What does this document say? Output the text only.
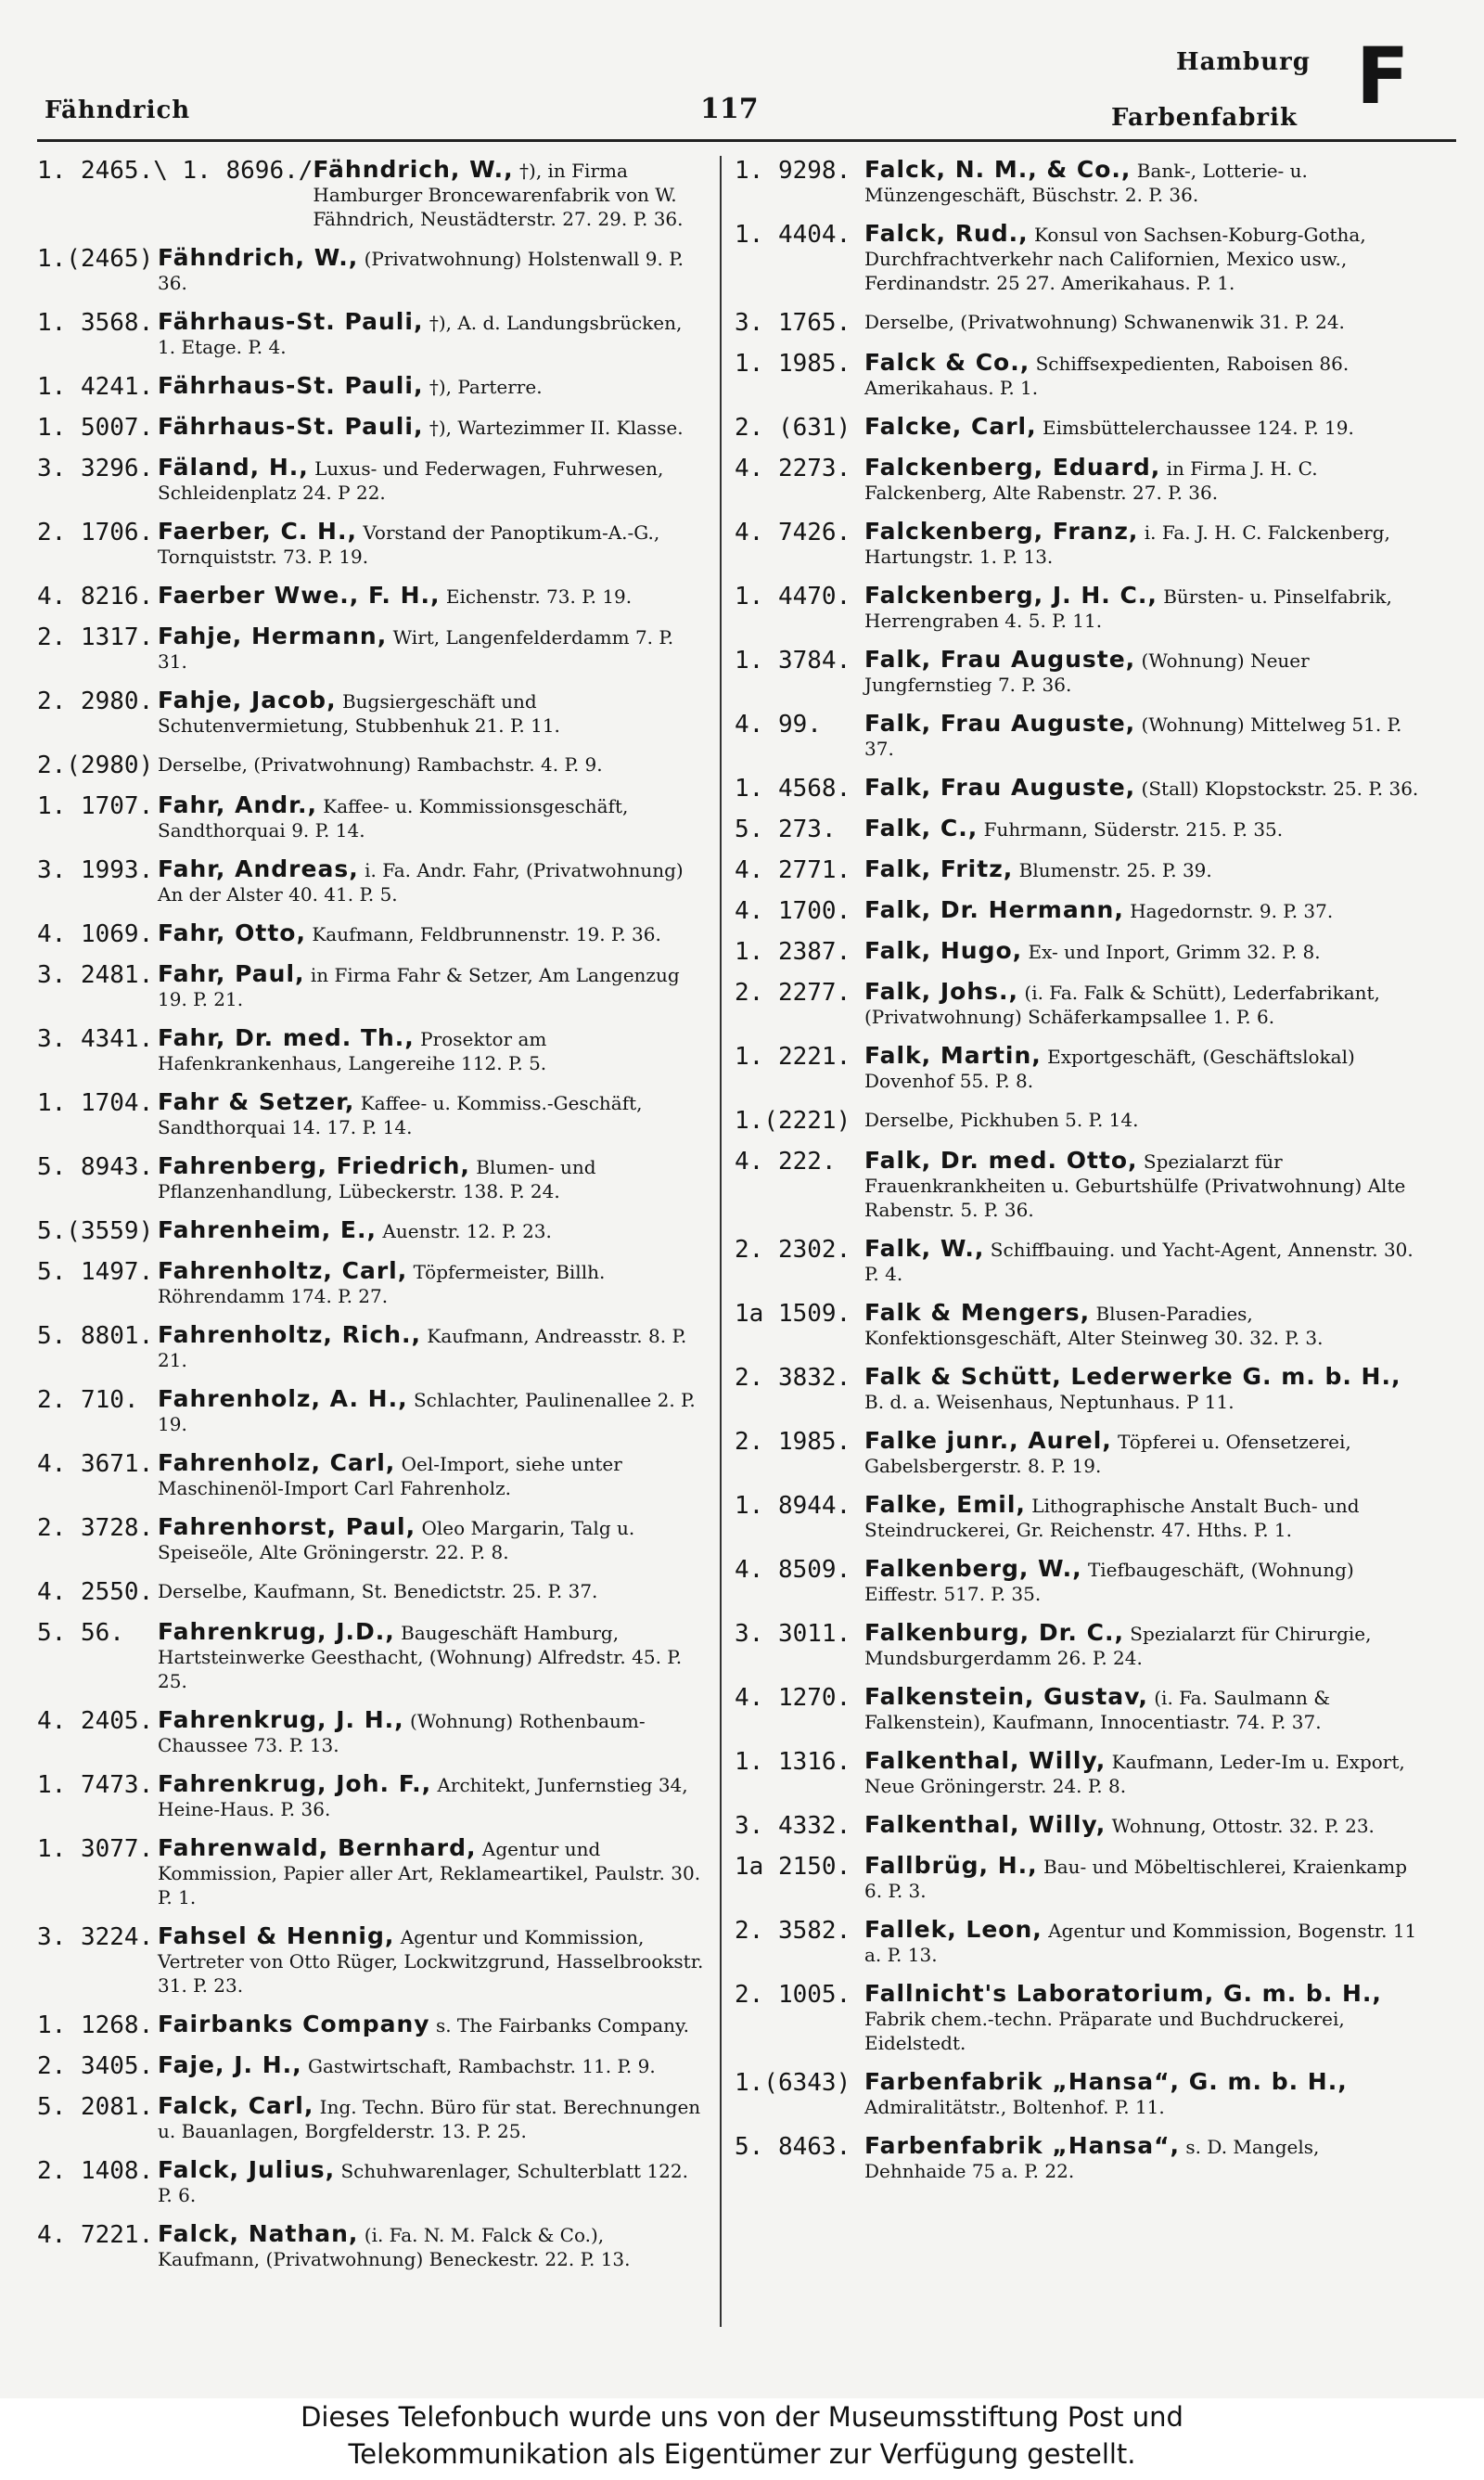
Fähndrich	117
Hamburg
Farbenfabrik F
1. 2465.\ 1. 8696./ Fähndrich, W., †), in Firma Hamburger Broncewarenfabrik von W. Fähndrich, Neustädterstr. 27. 29. P. 36.
1.(2465) Fähndrich, W., (Privatwohnung) Holstenwall 9. P. 36.
1. 3568. Fährhaus-St. Pauli, †), A. d. Landungsbrücken, 1. Etage. P. 4.
1. 4241. Fährhaus-St. Pauli, †), Parterre.
1. 5007. Fährhaus-St. Pauli, †), Wartezimmer II. Klasse.
3. 3296. Fäland, H., Luxus- und Federwagen, Fuhrwesen, Schleidenplatz 24. P 22.
2. 1706. Faerber, C. H., Vorstand der Panoptikum-A.-G., Tornquiststr. 73. P. 19.
4. 8216. Faerber Wwe., F. H., Eichenstr. 73. P. 19.
2. 1317. Fahje, Hermann, Wirt, Langenfelderdamm 7. P. 31.
2. 2980. Fahje, Jacob, Bugsiergeschäft und Schutenvermietung, Stubbenhuk 21. P. 11.
2.(2980) Derselbe, (Privatwohnung) Rambachstr. 4. P. 9.
1. 1707. Fahr, Andr., Kaffee- u. Kommissionsgeschäft, Sandthorquai 9. P. 14.
3. 1993. Fahr, Andreas, i. Fa. Andr. Fahr, (Privatwohnung) An der Alster 40. 41. P. 5.
4. 1069. Fahr, Otto, Kaufmann, Feldbrunnenstr. 19. P. 36.
3. 2481. Fahr, Paul, in Firma Fahr & Setzer, Am Langenzug 19. P. 21.
3. 4341. Fahr, Dr. med. Th., Prosektor am Hafenkrankenhaus, Langereihe 112. P. 5.
1. 1704. Fahr & Setzer, Kaffee- u. Kommiss.-Geschäft, Sandthorquai 14. 17. P. 14.
5. 8943. Fahrenberg, Friedrich, Blumen- und Pflanzenhandlung, Lübeckerstr. 138. P. 24.
5.(3559) Fahrenheim, E., Auenstr. 12. P. 23.
5. 1497. Fahrenholtz, Carl, Töpfermeister, Billh. Röhrendamm 174. P. 27.
5. 8801. Fahrenholtz, Rich., Kaufmann, Andreasstr. 8. P. 21.
2. 710. Fahrenholz, A. H., Schlachter, Paulinenallee 2. P. 19.
4. 3671. Fahrenholz, Carl, Oel-Import, siehe unter Maschinenöl-Import Carl Fahrenholz.
2. 3728. Fahrenhorst, Paul, Oleo Margarin, Talg u. Speiseöle, Alte Gröningerstr. 22. P. 8.
4. 2550. Derselbe, Kaufmann, St. Benedictstr. 25. P. 37.
5. 56.	Fahrenkrug, J.D., Baugeschäft Hamburg, Hartsteinwerke Geesthacht, (Wohnung) Alfredstr. 45. P. 25.
4. 2405. Fahrenkrug, J. H., (Wohnung) Rothenbaum-Chaussee 73. P. 13.
1. 7473. Fahrenkrug, Joh. F., Architekt, Junfernstieg 34, Heine-Haus. P. 36.
1. 3077. Fahrenwald, Bernhard, Agentur und Kommission, Papier aller Art, Reklameartikel, Paulstr. 30. P. 1.
3. 3224. Fahsel & Hennig, Agentur und Kommission, Vertreter von Otto Rüger, Lockwitzgrund, Hasselbrookstr. 31. P. 23.
1. 1268. Fairbanks Company s. The Fairbanks Company.
2. 3405. Faje, J. H., Gastwirtschaft, Rambachstr. 11. P. 9.
5. 2081. Falck, Carl, Ing. Techn. Büro für stat. Berechnungen u. Bauanlagen, Borgfelderstr. 13. P. 25.
2. 1408. Falck, Julius, Schuhwarenlager, Schulterblatt 122. P. 6.
4. 7221. Falck, Nathan, (i. Fa. N. M. Falck & Co.), Kaufmann, (Privatwohnung) Beneckestr. 22. P. 13.
1. 9298. Falck, N. M., & Co., Bank-, Lotterie- u. Münzengeschäft, Büschstr. 2. P. 36.
1. 4404. Falck, Rud., Konsul von Sachsen-Koburg-Gotha, Durchfrachtverkehr nach Californien, Mexico usw., Ferdinandstr. 25 27. Amerikahaus. P. 1.
3. 1765. Derselbe, (Privatwohnung) Schwanenwik 31. P. 24.
1. 1985. Falck & Co., Schiffsexpedienten, Raboisen 86. Amerikahaus. P. 1.
2. (631) Falcke, Carl, Eimsbüttelerchaussee 124. P. 19.
4. 2273. Falckenberg, Eduard, in Firma J. H. C. Falckenberg, Alte Rabenstr. 27. P. 36.
4. 7426. Falckenberg, Franz, i. Fa. J. H. C. Falckenberg, Hartungstr. 1. P. 13.
1. 4470. Falckenberg, J. H. C., Bürsten- u. Pinselfabrik, Herrengraben 4. 5. P. 11.
1. 3784. Falk, Frau Auguste, (Wohnung) Neuer Jungfernstieg 7. P. 36.
4. 99.	Falk, Frau Auguste, (Wohnung) Mittelweg 51. P. 37.
1. 4568. Falk, Frau Auguste, (Stall) Klopstockstr. 25. P. 36.
5. 273.	Falk, C., Fuhrmann, Süderstr. 215. P. 35.
4. 2771. Falk, Fritz, Blumenstr. 25. P. 39.
4. 1700. Falk, Dr. Hermann, Hagedornstr. 9. P. 37.
1. 2387. Falk, Hugo, Ex- und Inport, Grimm 32. P. 8.
2. 2277. Falk, Johs., (i. Fa. Falk & Schütt), Lederfabrikant, (Privatwohnung) Schäferkampsallee 1. P. 6.
1. 2221. Falk, Martin, Exportgeschäft, (Geschäftslokal) Dovenhof 55. P. 8.
1.(2221) Derselbe, Pickhuben 5. P. 14.
4. 222.	Falk, Dr. med. Otto, Spezialarzt für Frauenkrankheiten u. Geburtshülfe (Privatwohnung) Alte Rabenstr. 5. P. 36.
2. 2302. Falk, W., Schiffbauing. und Yacht-Agent, Annenstr. 30. P. 4.
1a 1509. Falk & Mengers, Blusen-Paradies, Konfektionsgeschäft, Alter Steinweg 30. 32. P. 3.
2. 3832. Falk & Schütt, Lederwerke G. m. b. H., B. d. a. Weisenhaus, Neptunhaus. P 11.
2. 1985. Falke junr., Aurel, Töpferei u. Ofensetzerei, Gabelsbergerstr. 8. P. 19.
1. 8944. Falke, Emil, Lithographische Anstalt Buch- und Steindruckerei, Gr. Reichenstr. 47. Hths. P. 1.
4. 8509. Falkenberg, W., Tiefbaugeschäft, (Wohnung) Eiffestr. 517. P. 35.
3. 3011. Falkenburg, Dr. C., Spezialarzt für Chirurgie, Mundsburgerdamm 26. P. 24.
4. 1270. Falkenstein, Gustav, (i. Fa. Saulmann & Falkenstein), Kaufmann, Innocentiastr. 74. P. 37.
1. 1316. Falkenthal, Willy, Kaufmann, Leder-Im u. Export, Neue Gröningerstr. 24. P. 8.
3. 4332. Falkenthal, Willy, Wohnung, Ottostr. 32. P. 23.
1a 2150. Fallbrüg, H., Bau- und Möbeltischlerei, Kraienkamp 6. P. 3.
2. 3582. Fallek, Leon, Agentur und Kommission, Bogenstr. 11 a. P. 13.
2. 1005. Fallnicht's Laboratorium, G. m. b. H., Fabrik chem.-techn. Präparate und Buchdruckerei, Eidelstedt.
1.(6343) Farbenfabrik „Hansa“, G. m. b. H., Admiralitätstr., Boltenhof. P. 11.
5. 8463. Farbenfabrik „Hansa“, s. D. Mangels, Dehnhaide 75 a. P. 22.
Dieses Telefonbuch wurde uns von der Museumsstiftung Post und
Telekommunikation als Eigentümer zur Verfügung gestellt.
